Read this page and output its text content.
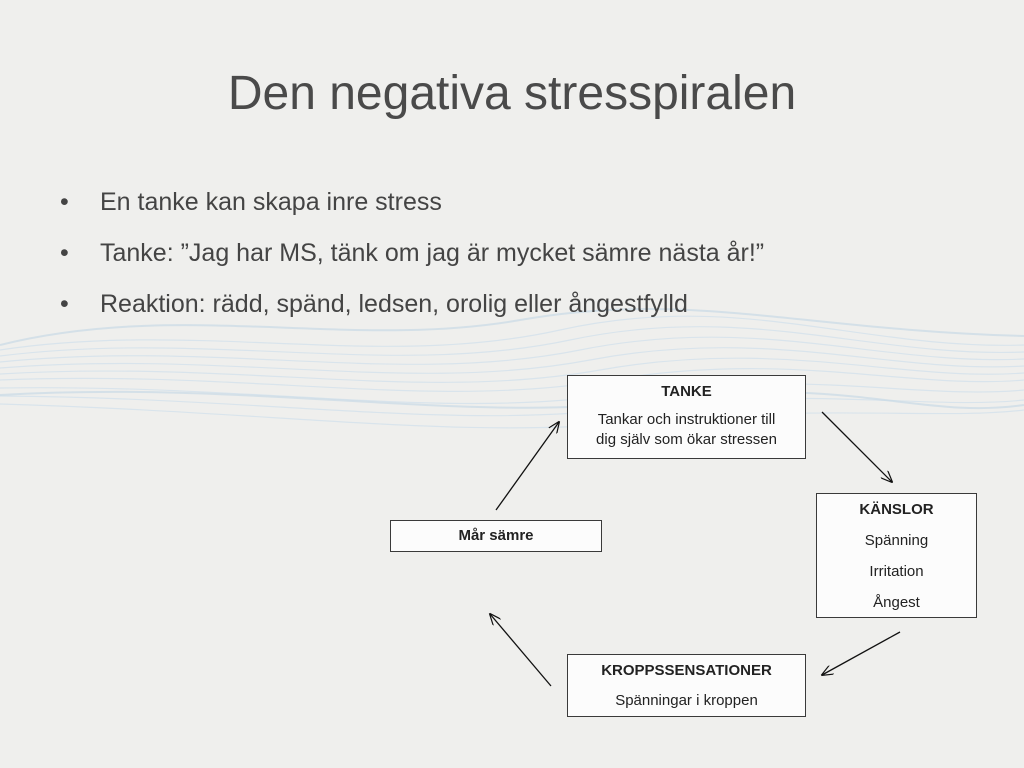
Den negativa stresspiralen
• En tanke kan skapa inre stress
• Tanke: ”Jag har MS, tänk om jag är mycket sämre nästa år!”
• Reaktion: rädd, spänd, ledsen, orolig eller ångestfylld
TANKE
Tankar och instruktioner till
dig själv som ökar stressen
KÄNSLOR
Spänning
Irritation
Ångest
KROPPSSENSATIONER
Spänningar i kroppen
Mår sämre
